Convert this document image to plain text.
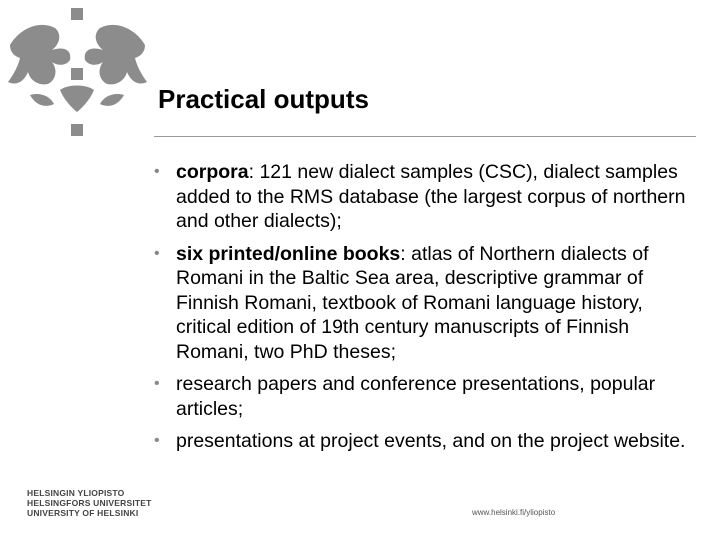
Practical outputs
• corpora: 121 new dialect samples (CSC), dialect samples added to the RMS database (the largest corpus of northern and other dialects);
• six printed/online books: atlas of Northern dialects of Romani in the Baltic Sea area, descriptive grammar of Finnish Romani, textbook of Romani language history, critical edition of 19th century manuscripts of Finnish Romani, two PhD theses;
• research papers and conference presentations, popular articles;
• presentations at project events, and on the project website.
HELSINGIN YLIOPISTO
HELSINGFORS UNIVERSITET
UNIVERSITY OF HELSINKI	www.helsinki.fi/yliopisto
